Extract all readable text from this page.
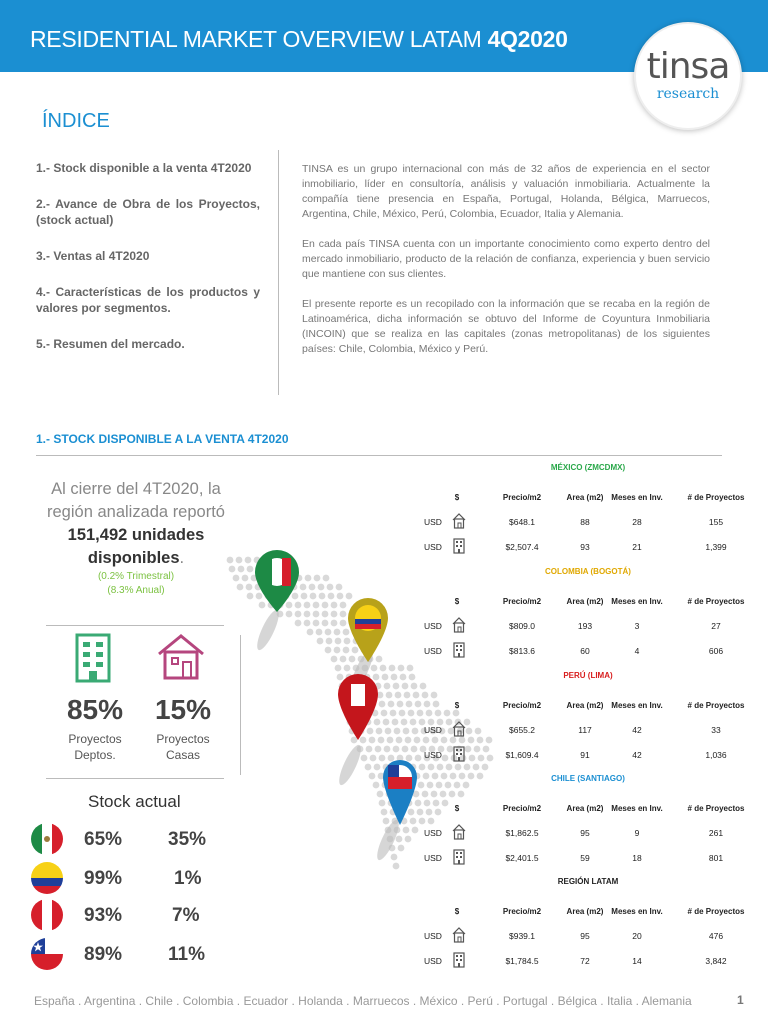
RESIDENTIAL MARKET OVERVIEW LATAM 4Q2020
tinsa
research
ÍNDICE
1.- Stock disponible a la venta 4T2020
2.- Avance de Obra de los Proyectos, (stock actual)
3.- Ventas al 4T2020
4.- Características de los productos y valores por segmentos.
5.- Resumen del mercado.

TINSA es un grupo internacional con más de 32 años de experiencia en el sector inmobiliario, líder en consultoría, análisis y valuación inmobiliaria. Actualmente la compañía tiene presencia en España, Portugal, Holanda, Bélgica, Marruecos, Argentina, Chile, México, Perú, Colombia, Ecuador, Italia y Alemania.

En cada país TINSA cuenta con un importante conocimiento como experto dentro del mercado inmobiliario, producto de la relación de confianza, experiencia y buen servicio que mantiene con sus clientes.

El presente reporte es un recopilado con la información que se recaba en la región de Latinoamérica, dicha información se obtuvo del Informe de Coyuntura Inmobiliaria (INCOIN) que se realiza en las capitales (zonas metropolitanas) de los siguientes países: Chile, Colombia, México y Perú.

1.- STOCK DISPONIBLE A LA VENTA 4T2020
Al cierre del 4T2020, la
región analizada reportó
151,492 unidades
disponibles.
(0.2% Trimestral)
(8.3% Anual)
85%	15%
Proyectos
Deptos.
Proyectos
Casas
Stock actual
65% 35%
99%	1%
93%	7%
89% 11%
MÉXICO (ZMCDMX)
$	Precio/m2	Area (m2) Meses en Inv.	# de Proyectos
USD	$648.1	88	28	155
USD	$2,507.4	93	21	1,399
COLOMBIA (BOGOTÁ)
$	Precio/m2	Area (m2) Meses en Inv.	# de Proyectos
USD	$809.0	193	3	27
USD	$813.6	60	4	606
PERÚ (LIMA)
$	Precio/m2	Area (m2) Meses en Inv.	# de Proyectos
USD	$655.2	117	42	33
USD	$1,609.4	91	42	1,036
CHILE (SANTIAGO)
$	Precio/m2	Area (m2) Meses en Inv.	# de Proyectos
USD	$1,862.5	95	9	261
USD	$2,401.5	59	18	801
REGIÓN LATAM
$	Precio/m2	Area (m2) Meses en Inv.	# de Proyectos
USD	$939.1	95	20	476
USD	$1,784.5	72	14	3,842
España . Argentina . Chile . Colombia . Ecuador . Holanda . Marruecos . México . Perú . Portugal . Bélgica . Italia . Alemania	1
